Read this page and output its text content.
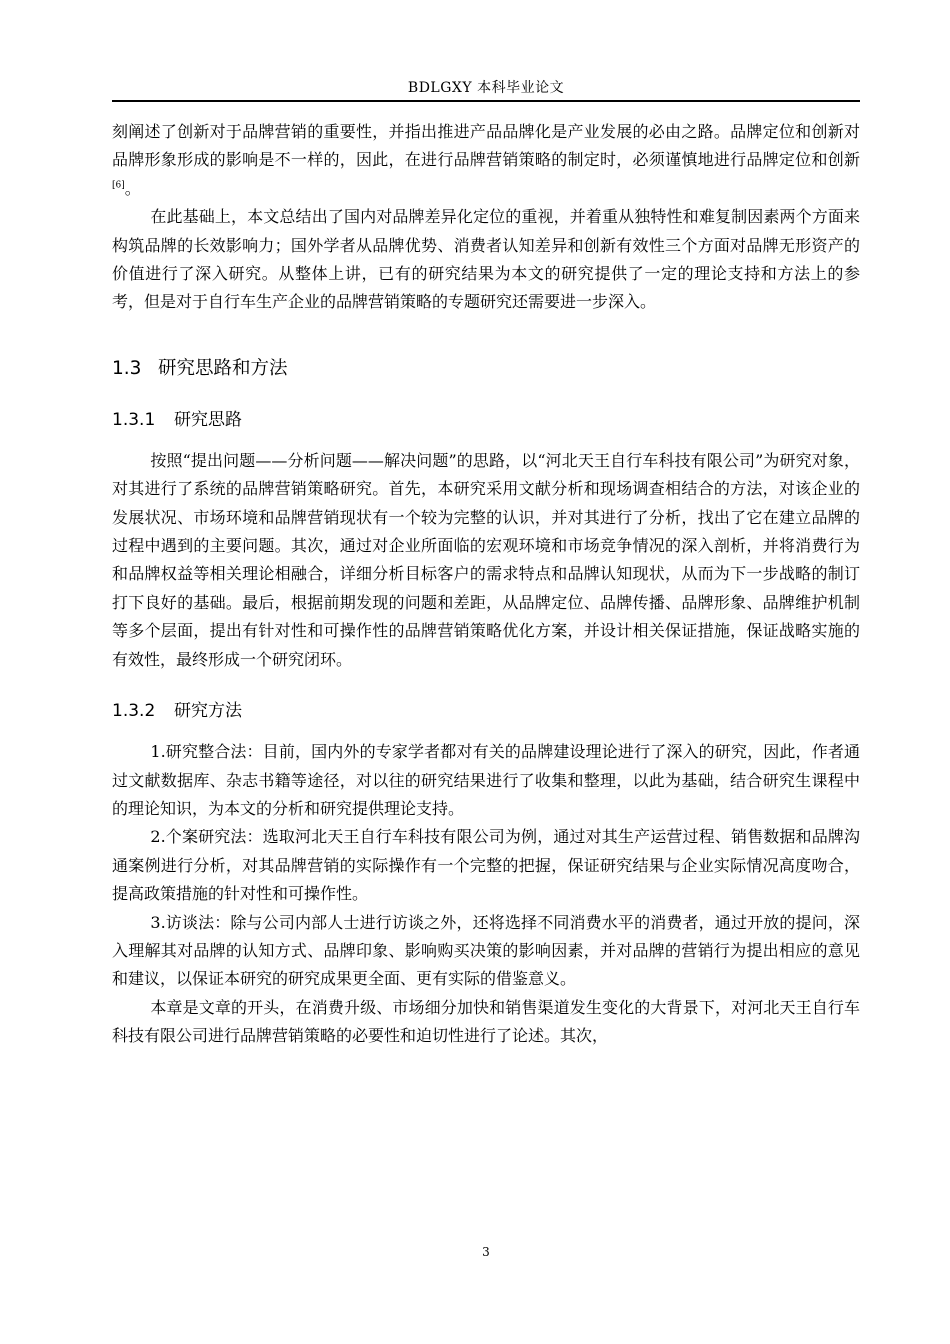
BDLGXY 本科毕业论文

刻阐述了创新对于品牌营销的重要性，并指出推进产品品牌化是产业发展的必由之路。品牌定位和创新对品牌形象形成的影响是不一样的，因此，在进行品牌营销策略的制定时，必须谨慎地进行品牌定位和创新[6]。

在此基础上，本文总结出了国内对品牌差异化定位的重视，并着重从独特性和难复制因素两个方面来构筑品牌的长效影响力；国外学者从品牌优势、消费者认知差异和创新有效性三个方面对品牌无形资产的价值进行了深入研究。从整体上讲，已有的研究结果为本文的研究提供了一定的理论支持和方法上的参考，但是对于自行车生产企业的品牌营销策略的专题研究还需要进一步深入。

1.3 研究思路和方法
1.3.1 研究思路

按照“提出问题——分析问题——解决问题”的思路，以“河北天王自行车科技有限公司”为研究对象，对其进行了系统的品牌营销策略研究。首先，本研究采用文献分析和现场调查相结合的方法，对该企业的发展状况、市场环境和品牌营销现状有一个较为完整的认识，并对其进行了分析，找出了它在建立品牌的过程中遇到的主要问题。其次，通过对企业所面临的宏观环境和市场竞争情况的深入剖析，并将消费行为和品牌权益等相关理论相融合，详细分析目标客户的需求特点和品牌认知现状，从而为下一步战略的制订打下良好的基础。最后，根据前期发现的问题和差距，从品牌定位、品牌传播、品牌形象、品牌维护机制等多个层面，提出有针对性和可操作性的品牌营销策略优化方案，并设计相关保证措施，保证战略实施的有效性，最终形成一个研究闭环。

1.3.2 研究方法

1.研究整合法：目前，国内外的专家学者都对有关的品牌建设理论进行了深入的研究，因此，作者通过文献数据库、杂志书籍等途径，对以往的研究结果进行了收集和整理，以此为基础，结合研究生课程中的理论知识，为本文的分析和研究提供理论支持。

2.个案研究法：选取河北天王自行车科技有限公司为例，通过对其生产运营过程、销售数据和品牌沟通案例进行分析，对其品牌营销的实际操作有一个完整的把握，保证研究结果与企业实际情况高度吻合，提高政策措施的针对性和可操作性。

3.访谈法：除与公司内部人士进行访谈之外，还将选择不同消费水平的消费者，通过开放的提问，深入理解其对品牌的认知方式、品牌印象、影响购买决策的影响因素，并对品牌的营销行为提出相应的意见和建议，以保证本研究的研究成果更全面、更有实际的借鉴意义。

本章是文章的开头，在消费升级、市场细分加快和销售渠道发生变化的大背景下，对河北天王自行车科技有限公司进行品牌营销策略的必要性和迫切性进行了论述。其次，

3
